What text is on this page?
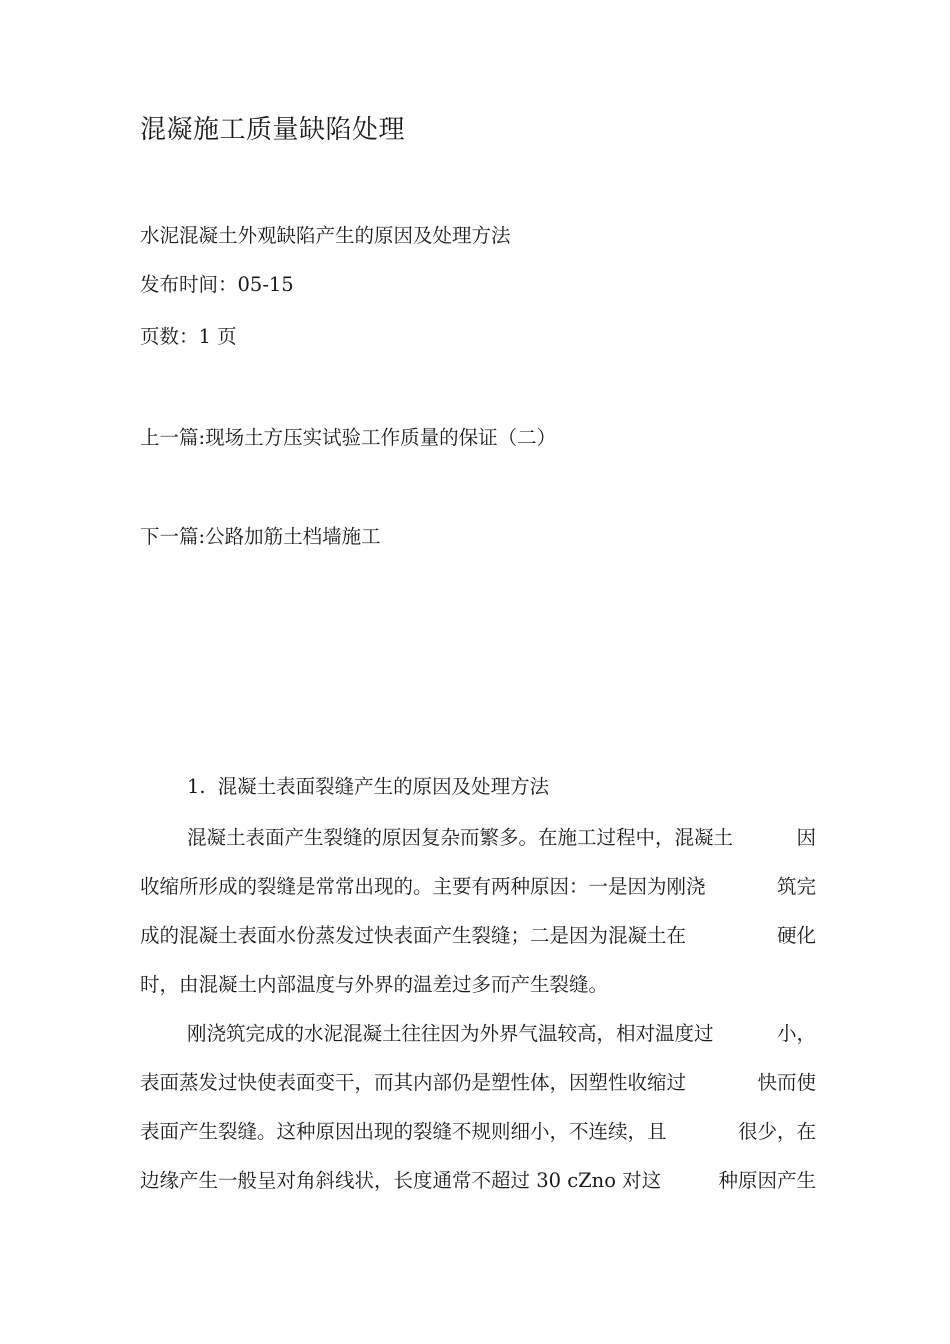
混凝施工质量缺陷处理
水泥混凝土外观缺陷产生的原因及处理方法
发布时间：05-15
页数：1 页
上一篇:现场土方压实试验工作质量的保证（二）
下一篇:公路加筋土档墙施工
1. 混凝土表面裂缝产生的原因及处理方法
混凝土表面产生裂缝的原因复杂而繁多。在施工过程中，混凝土	因
收缩所形成的裂缝是常常出现的。主要有两种原因：一是因为刚浇	筑完
成的混凝土表面水份蒸发过快表面产生裂缝；二是因为混凝土在	硬化
时，由混凝土内部温度与外界的温差过多而产生裂缝。
刚浇筑完成的水泥混凝土往往因为外界气温较高，相对温度过	小，
表面蒸发过快使表面变干，而其内部仍是塑性体，因塑性收缩过	快而使
表面产生裂缝。这种原因出现的裂缝不规则细小，不连续，且	很少，在
边缘产生一般呈对角斜线状，长度通常不超过 30 cZno 对这	种原因产生
